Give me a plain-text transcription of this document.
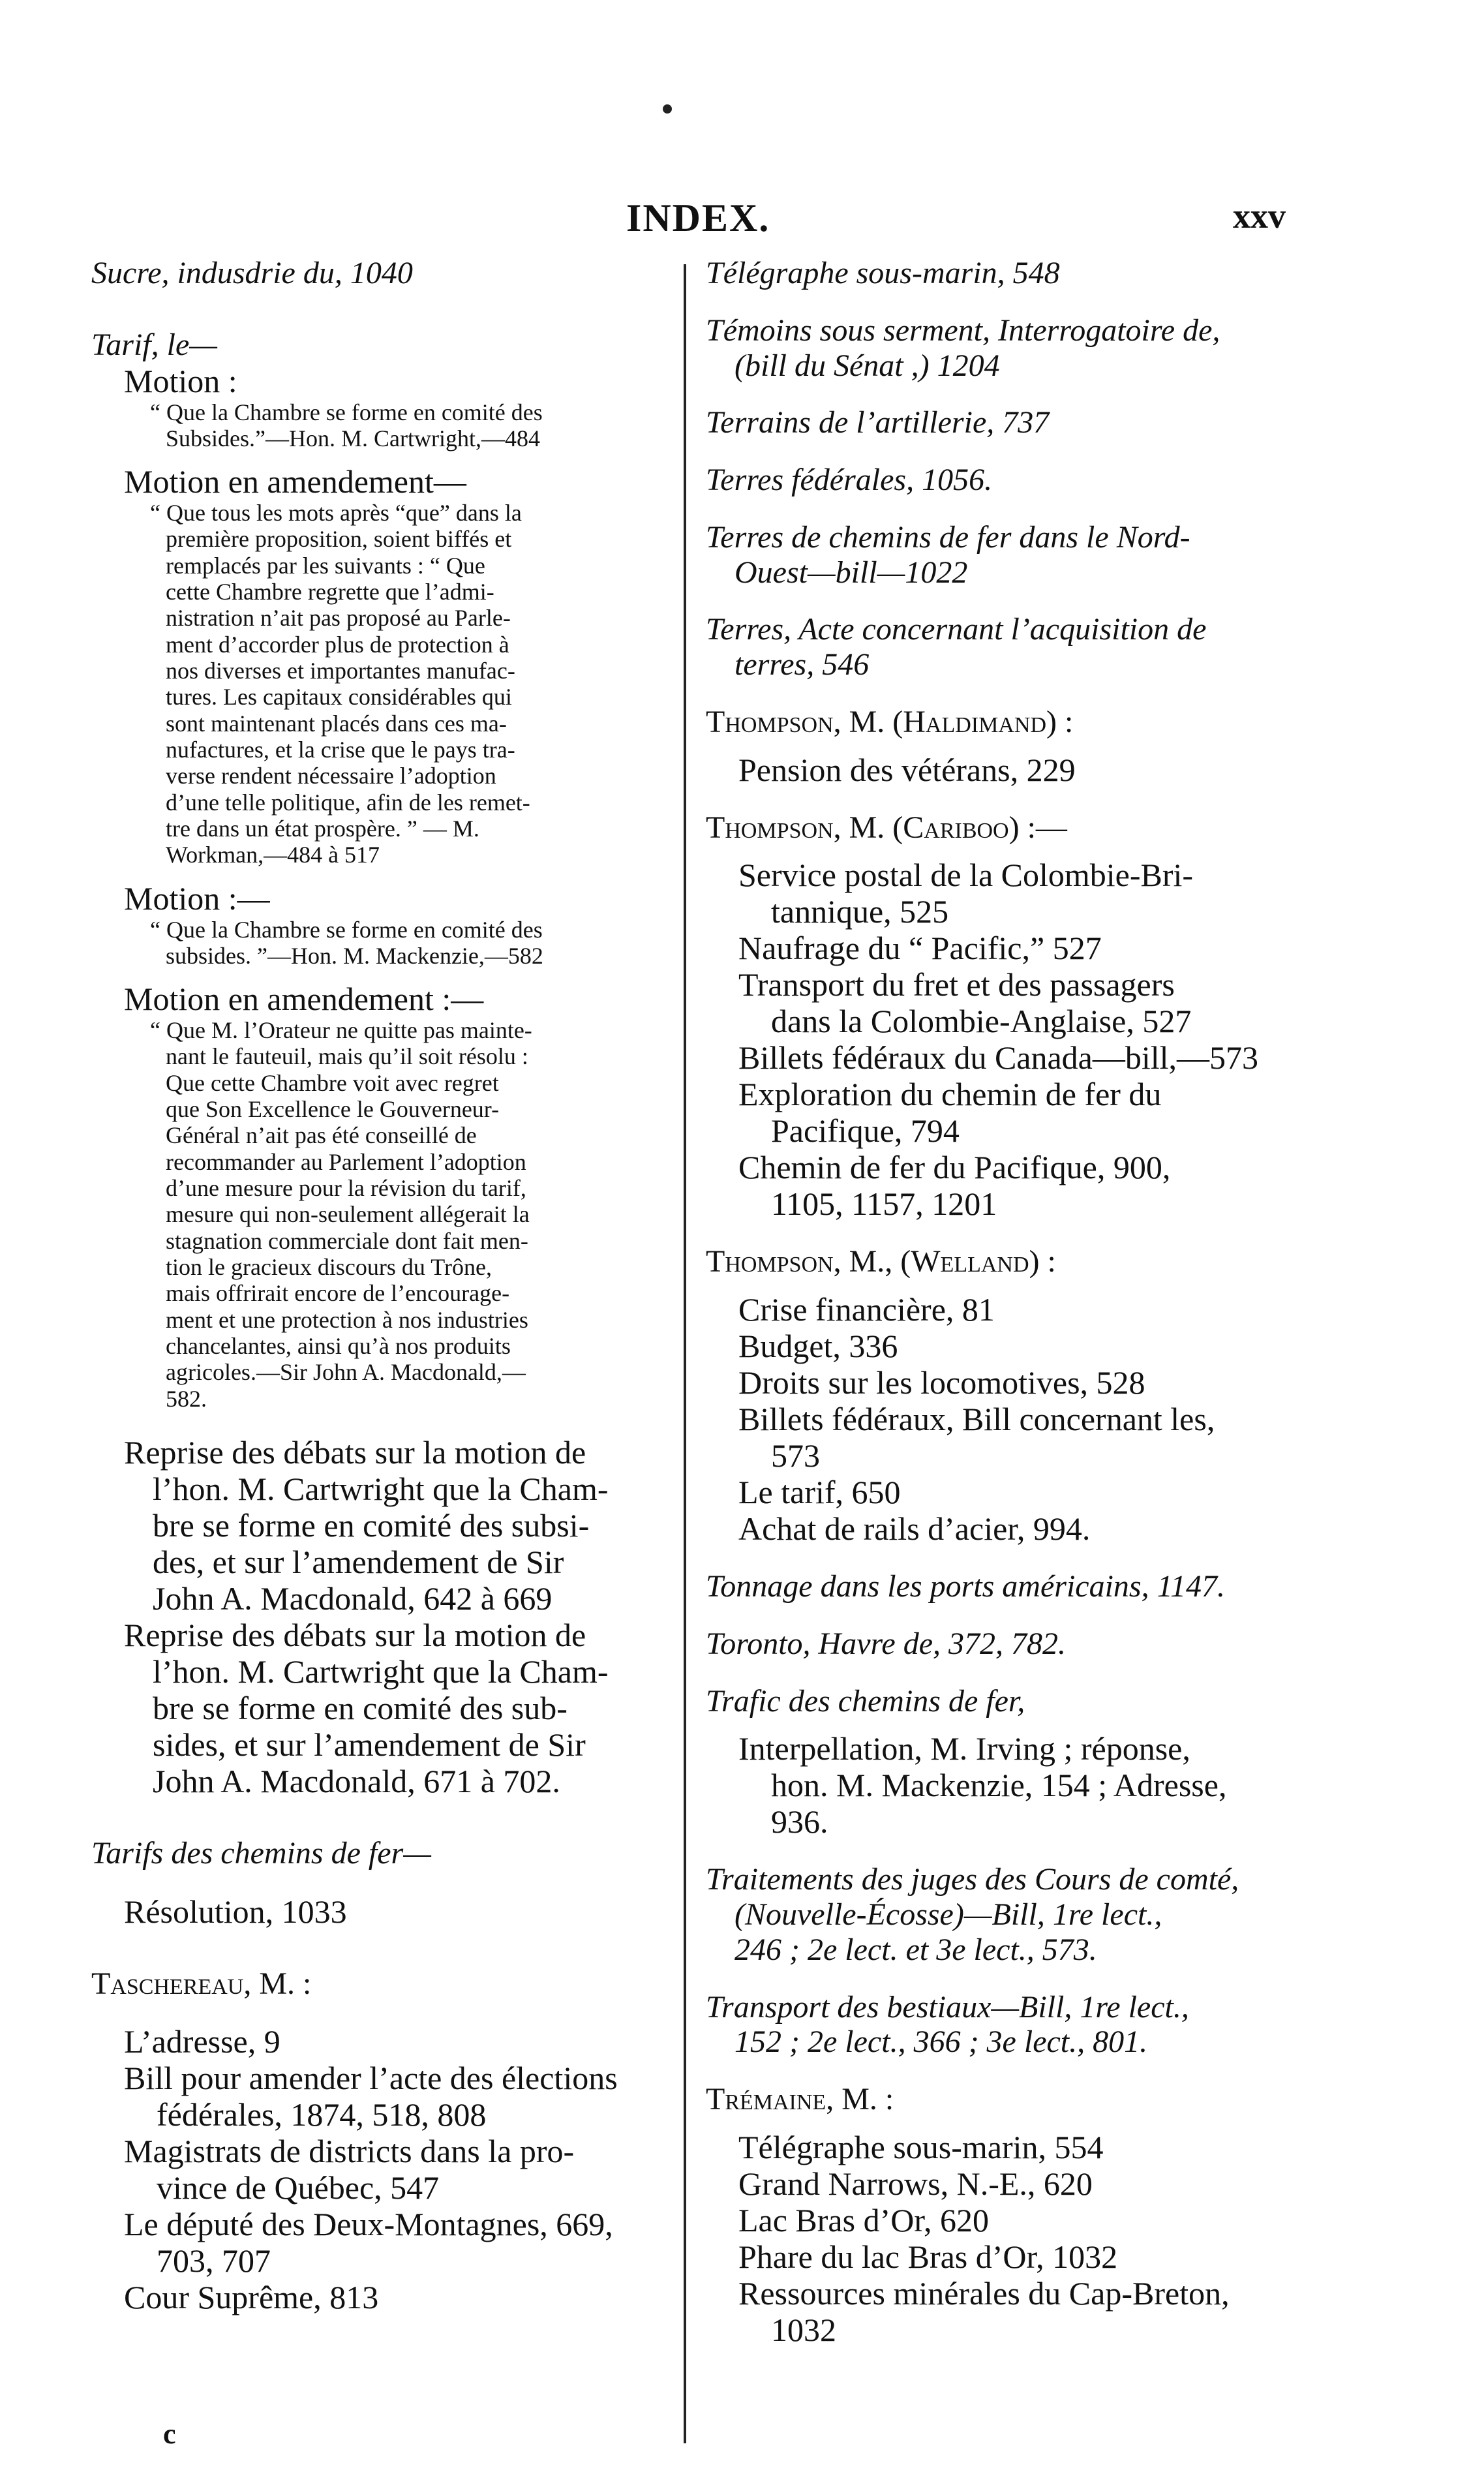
INDEX.	xxv
Sucre, indusdrie du, 1040
Tarif, le—
Motion :
“ Que la Chambre se forme en comité des
Subsides.”—Hon. M. Cartwright,—484
Motion en amendement—
“ Que tous les mots après “que” dans la
première proposition, soient biffés et
remplacés par les suivants : “ Que
cette Chambre regrette que l’admi-
nistration n’ait pas proposé au Parle-
ment d’accorder plus de protection à
nos diverses et importantes manufac-
tures. Les capitaux considérables qui
sont maintenant placés dans ces ma-
nufactures, et la crise que le pays tra-
verse rendent nécessaire l’adoption
d’une telle politique, afin de les remet-
tre dans un état prospère. ” — M.
Workman,—484 à 517
Motion :—
“ Que la Chambre se forme en comité des
subsides. ”—Hon. M. Mackenzie,—582
Motion en amendement :—
“ Que M. l’Orateur ne quitte pas mainte-
nant le fauteuil, mais qu’il soit résolu :
Que cette Chambre voit avec regret
que Son Excellence le Gouverneur-
Général n’ait pas été conseillé de
recommander au Parlement l’adoption
d’une mesure pour la révision du tarif,
mesure qui non-seulement allégerait la
stagnation commerciale dont fait men-
tion le gracieux discours du Trône,
mais offrirait encore de l’encourage-
ment et une protection à nos industries
chancelantes, ainsi qu’à nos produits
agricoles.—Sir John A. Macdonald,—
582.
Reprise des débats sur la motion de
l’hon. M. Cartwright que la Cham-
bre se forme en comité des subsi-
des, et sur l’amendement de Sir
John A. Macdonald, 642 à 669
Reprise des débats sur la motion de
l’hon. M. Cartwright que la Cham-
bre se forme en comité des sub-
sides, et sur l’amendement de Sir
John A. Macdonald, 671 à 702.
Tarifs des chemins de fer—
Résolution, 1033
Taschereau, M. :
L’adresse, 9
Bill pour amender l’acte des élections
fédérales, 1874, 518, 808
Magistrats de districts dans la pro-
vince de Québec, 547
Le député des Deux-Montagnes, 669,
703, 707
Cour Suprême, 813
Télégraphe sous-marin, 548
Témoins sous serment, Interrogatoire de,
(bill du Sénat ,) 1204
Terrains de l’artillerie, 737
Terres fédérales, 1056.
Terres de chemins de fer dans le Nord-
Ouest—bill—1022
Terres, Acte concernant l’acquisition de
terres, 546
Thompson, M. (Haldimand) :
Pension des vétérans, 229
Thompson, M. (Cariboo) :—
Service postal de la Colombie-Bri-
tannique, 525
Naufrage du “ Pacific,” 527
Transport du fret et des passagers
dans la Colombie-Anglaise, 527
Billets fédéraux du Canada—bill,—573
Exploration du chemin de fer du
Pacifique, 794
Chemin de fer du Pacifique, 900,
1105, 1157, 1201
Thompson, M., (Welland) :
Crise financière, 81
Budget, 336
Droits sur les locomotives, 528
Billets fédéraux, Bill concernant les,
573
Le tarif, 650
Achat de rails d’acier, 994.
Tonnage dans les ports américains, 1147.
Toronto, Havre de, 372, 782.
Trafic des chemins de fer,
Interpellation, M. Irving ; réponse,
hon. M. Mackenzie, 154 ; Adresse,
936.
Traitements des juges des Cours de comté,
(Nouvelle-Écosse)—Bill, 1re lect.,
246 ; 2e lect. et 3e lect., 573.
Transport des bestiaux—Bill, 1re lect.,
152 ; 2e lect., 366 ; 3e lect., 801.
Trémaine, M. :
Télégraphe sous-marin, 554
Grand Narrows, N.-E., 620
Lac Bras d’Or, 620
Phare du lac Bras d’Or, 1032
Ressources minérales du Cap-Breton,
1032
c
